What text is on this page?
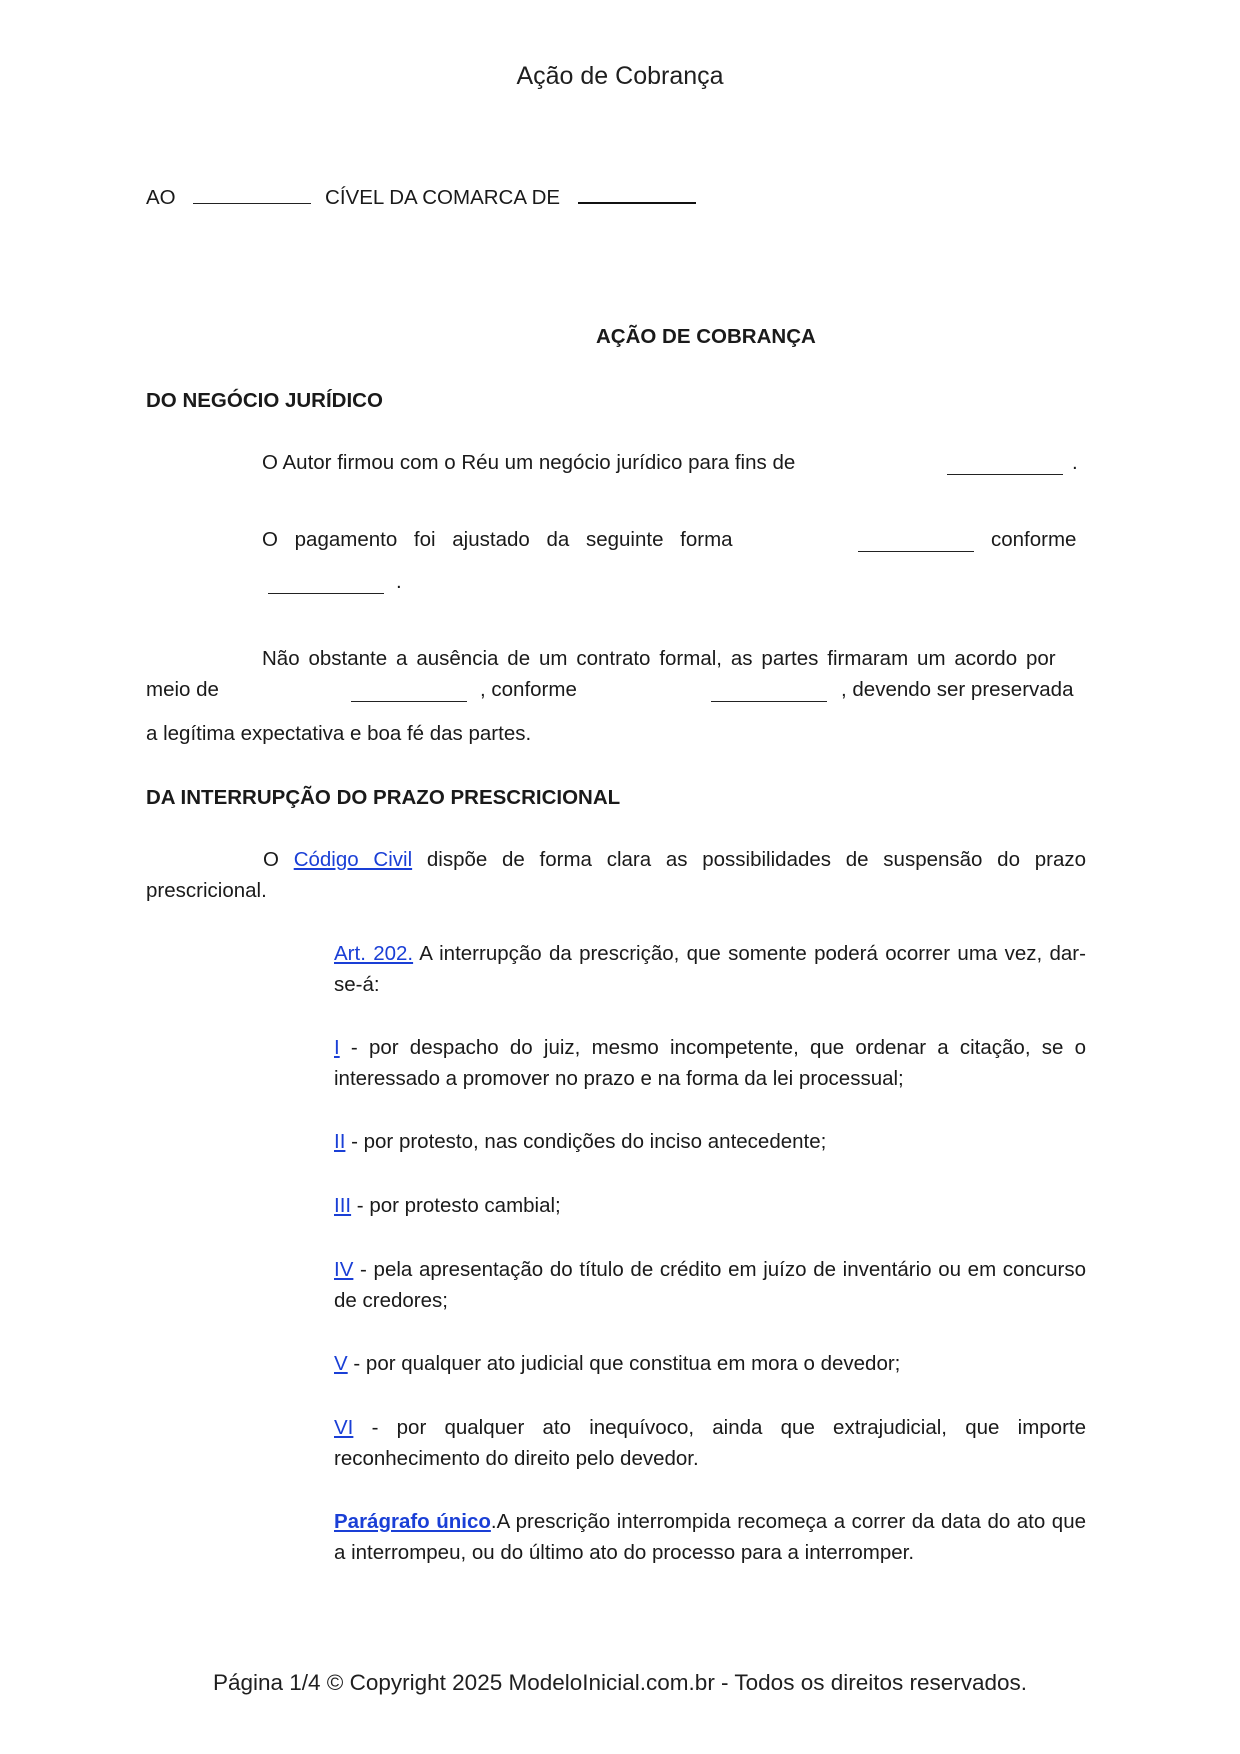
Ação de Cobrança
AO	CÍVEL DA COMARCA DE
AÇÃO DE COBRANÇA
DO NEGÓCIO JURÍDICO
O Autor firmou com o Réu um negócio jurídico para fins de	.
O pagamento foi ajustado da seguinte forma	conforme
.
Não obstante a ausência de um contrato formal, as partes firmaram um acordo por
meio de	, conforme	, devendo ser preservada
a legítima expectativa e boa fé das partes.
DA INTERRUPÇÃO DO PRAZO PRESCRICIONAL
O Código Civil dispõe de forma clara as possibilidades de suspensão do prazo prescricional.
Art. 202. A interrupção da prescrição, que somente poderá ocorrer uma vez, dar-se-á:
I - por despacho do juiz, mesmo incompetente, que ordenar a citação, se o interessado a promover no prazo e na forma da lei processual;
II - por protesto, nas condições do inciso antecedente;
III - por protesto cambial;
IV - pela apresentação do título de crédito em juízo de inventário ou em concurso de credores;
V - por qualquer ato judicial que constitua em mora o devedor;
VI - por qualquer ato inequívoco, ainda que extrajudicial, que importe reconhecimento do direito pelo devedor.
Parágrafo único.A prescrição interrompida recomeça a correr da data do ato que a interrompeu, ou do último ato do processo para a interromper.
Página 1/4 © Copyright 2025 ModeloInicial.com.br - Todos os direitos reservados.
